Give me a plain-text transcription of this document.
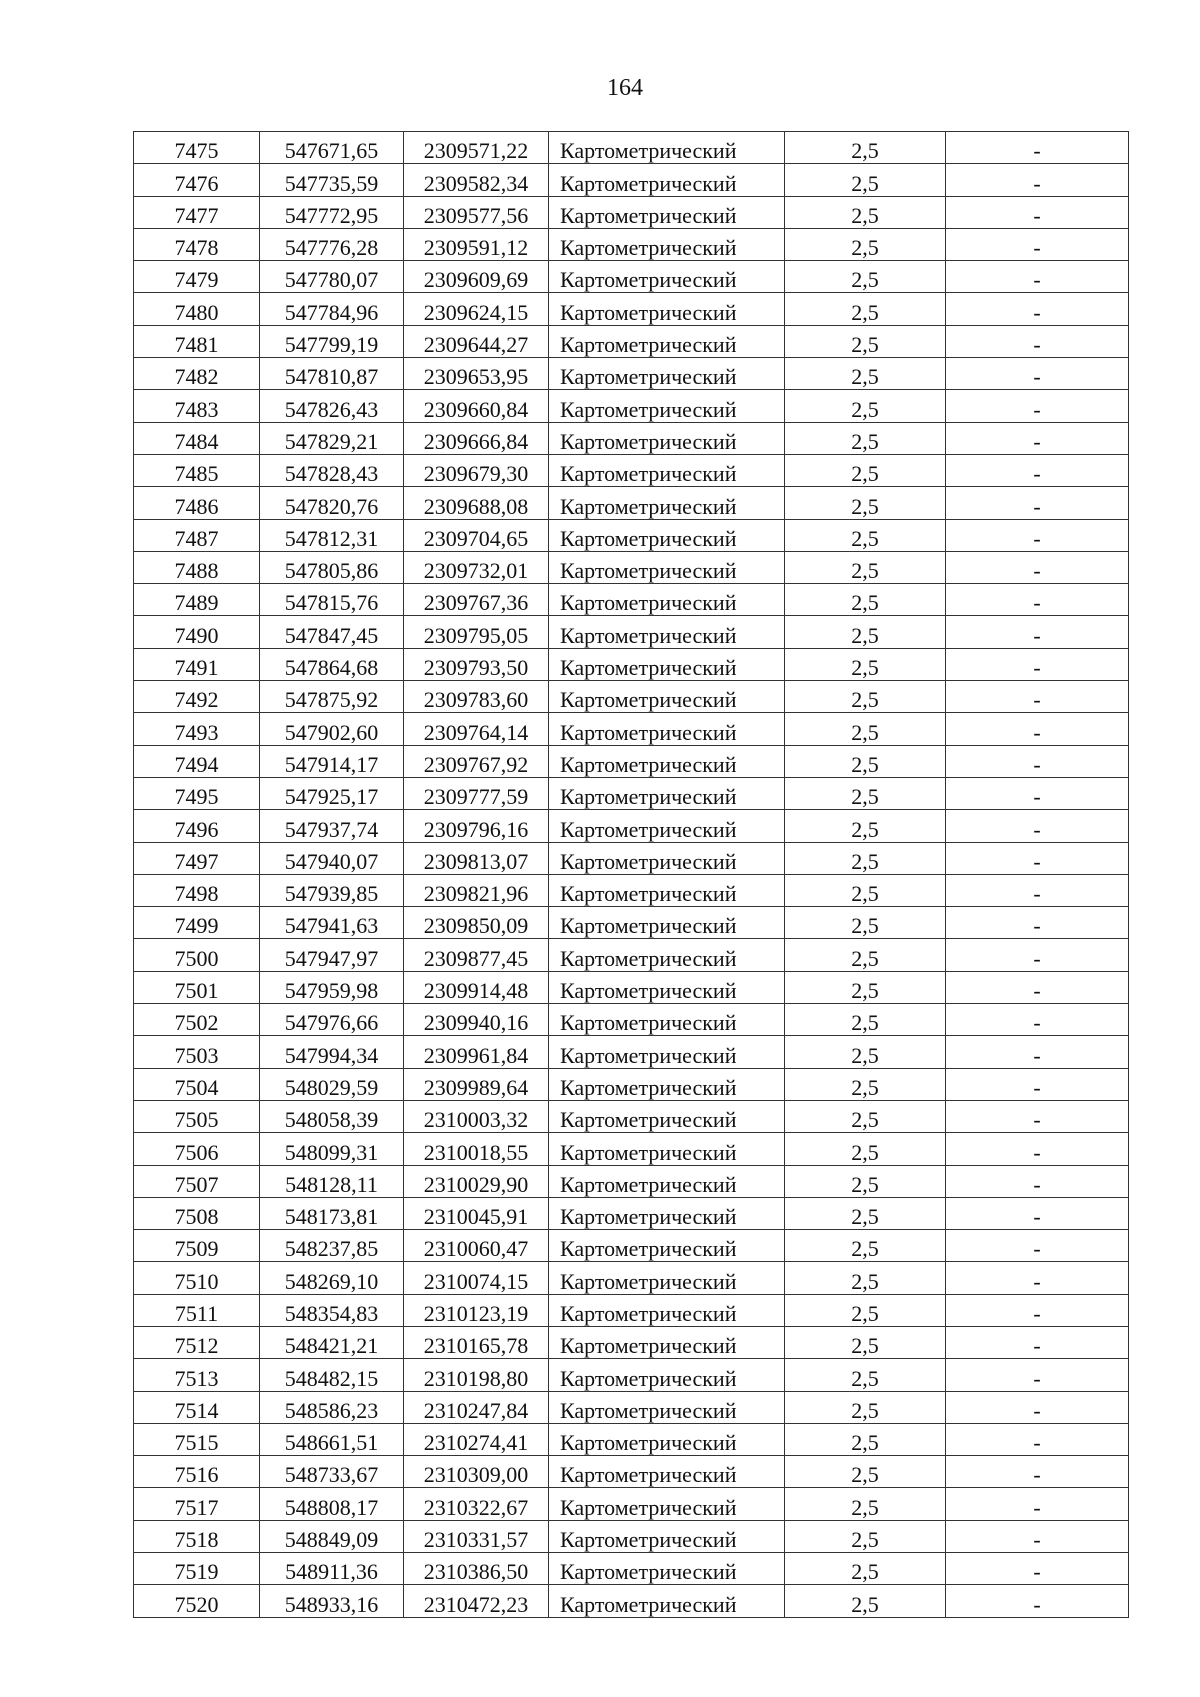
164
7475	547671,65	2309571,22	Картометрический	2,5	-
7476	547735,59	2309582,34	Картометрический	2,5	-
7477	547772,95	2309577,56	Картометрический	2,5	-
7478	547776,28	2309591,12	Картометрический	2,5	-
7479	547780,07	2309609,69	Картометрический	2,5	-
7480	547784,96	2309624,15	Картометрический	2,5	-
7481	547799,19	2309644,27	Картометрический	2,5	-
7482	547810,87	2309653,95	Картометрический	2,5	-
7483	547826,43	2309660,84	Картометрический	2,5	-
7484	547829,21	2309666,84	Картометрический	2,5	-
7485	547828,43	2309679,30	Картометрический	2,5	-
7486	547820,76	2309688,08	Картометрический	2,5	-
7487	547812,31	2309704,65	Картометрический	2,5	-
7488	547805,86	2309732,01	Картометрический	2,5	-
7489	547815,76	2309767,36	Картометрический	2,5	-
7490	547847,45	2309795,05	Картометрический	2,5	-
7491	547864,68	2309793,50	Картометрический	2,5	-
7492	547875,92	2309783,60	Картометрический	2,5	-
7493	547902,60	2309764,14	Картометрический	2,5	-
7494	547914,17	2309767,92	Картометрический	2,5	-
7495	547925,17	2309777,59	Картометрический	2,5	-
7496	547937,74	2309796,16	Картометрический	2,5	-
7497	547940,07	2309813,07	Картометрический	2,5	-
7498	547939,85	2309821,96	Картометрический	2,5	-
7499	547941,63	2309850,09	Картометрический	2,5	-
7500	547947,97	2309877,45	Картометрический	2,5	-
7501	547959,98	2309914,48	Картометрический	2,5	-
7502	547976,66	2309940,16	Картометрический	2,5	-
7503	547994,34	2309961,84	Картометрический	2,5	-
7504	548029,59	2309989,64	Картометрический	2,5	-
7505	548058,39	2310003,32	Картометрический	2,5	-
7506	548099,31	2310018,55	Картометрический	2,5	-
7507	548128,11	2310029,90	Картометрический	2,5	-
7508	548173,81	2310045,91	Картометрический	2,5	-
7509	548237,85	2310060,47	Картометрический	2,5	-
7510	548269,10	2310074,15	Картометрический	2,5	-
7511	548354,83	2310123,19	Картометрический	2,5	-
7512	548421,21	2310165,78	Картометрический	2,5	-
7513	548482,15	2310198,80	Картометрический	2,5	-
7514	548586,23	2310247,84	Картометрический	2,5	-
7515	548661,51	2310274,41	Картометрический	2,5	-
7516	548733,67	2310309,00	Картометрический	2,5	-
7517	548808,17	2310322,67	Картометрический	2,5	-
7518	548849,09	2310331,57	Картометрический	2,5	-
7519	548911,36	2310386,50	Картометрический	2,5	-
7520	548933,16	2310472,23	Картометрический	2,5	-
